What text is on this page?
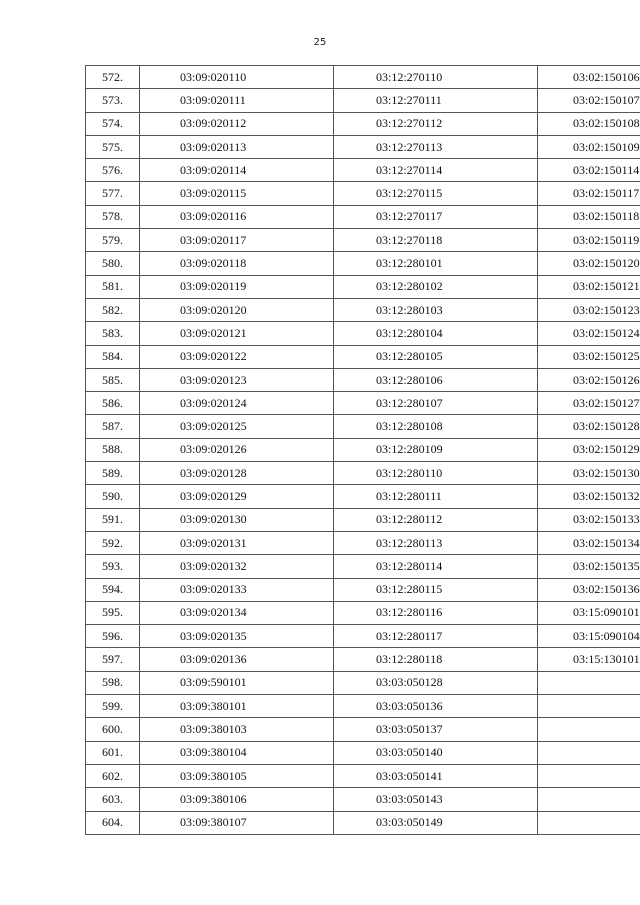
25
572.	03:09:020110	03:12:270110	03:02:150106
573.	03:09:020111	03:12:270111	03:02:150107
574.	03:09:020112	03:12:270112	03:02:150108
575.	03:09:020113	03:12:270113	03:02:150109
576.	03:09:020114	03:12:270114	03:02:150114
577.	03:09:020115	03:12:270115	03:02:150117
578.	03:09:020116	03:12:270117	03:02:150118
579.	03:09:020117	03:12:270118	03:02:150119
580.	03:09:020118	03:12:280101	03:02:150120
581.	03:09:020119	03:12:280102	03:02:150121
582.	03:09:020120	03:12:280103	03:02:150123
583.	03:09:020121	03:12:280104	03:02:150124
584.	03:09:020122	03:12:280105	03:02:150125
585.	03:09:020123	03:12:280106	03:02:150126
586.	03:09:020124	03:12:280107	03:02:150127
587.	03:09:020125	03:12:280108	03:02:150128
588.	03:09:020126	03:12:280109	03:02:150129
589.	03:09:020128	03:12:280110	03:02:150130
590.	03:09:020129	03:12:280111	03:02:150132
591.	03:09:020130	03:12:280112	03:02:150133
592.	03:09:020131	03:12:280113	03:02:150134
593.	03:09:020132	03:12:280114	03:02:150135
594.	03:09:020133	03:12:280115	03:02:150136
595.	03:09:020134	03:12:280116	03:15:090101
596.	03:09:020135	03:12:280117	03:15:090104
597.	03:09:020136	03:12:280118	03:15:130101
598.	03:09:590101	03:03:050128	
599.	03:09:380101	03:03:050136	
600.	03:09:380103	03:03:050137	
601.	03:09:380104	03:03:050140	
602.	03:09:380105	03:03:050141	
603.	03:09:380106	03:03:050143	
604.	03:09:380107	03:03:050149	
